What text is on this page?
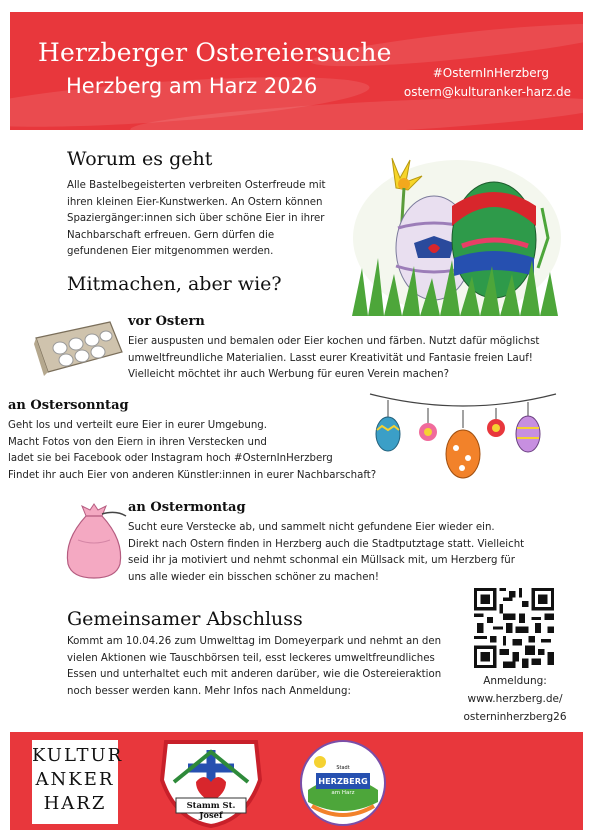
Herzberger Ostereiersuche
Herzberg am Harz 2026
#OsternInHerzberg
ostern@kulturanker-harz.de
Worum es geht
Alle Bastelbegeisterten verbreiten Osterfreude mit
ihren kleinen Eier-Kunstwerken. An Ostern können
Spaziergänger:innen sich über schöne Eier in ihrer
Nachbarschaft erfreuen. Gern dürfen die
gefundenen Eier mitgenommen werden.
Mitmachen, aber wie?
vor Ostern
Eier auspusten und bemalen oder Eier kochen und färben. Nutzt dafür möglichst
umweltfreundliche Materialien. Lasst eurer Kreativität und Fantasie freien Lauf!
Vielleicht möchtet ihr auch Werbung für euren Verein machen?
an Ostersonntag
Geht los und verteilt eure Eier in eurer Umgebung.
Macht Fotos von den Eiern in ihren Verstecken und
ladet sie bei Facebook oder Instagram hoch #OsternInHerzberg
Findet ihr auch Eier von anderen Künstler:innen in eurer Nachbarschaft?
an Ostermontag
Sucht eure Verstecke ab, und sammelt nicht gefundene Eier wieder ein.
Direkt nach Ostern finden in Herzberg auch die Stadtputztage statt. Vielleicht
seid ihr ja motiviert und nehmt schonmal ein Müllsack mit, um Herzberg für
uns alle wieder ein bisschen schöner zu machen!
Gemeinsamer Abschluss
Kommt am 10.04.26 zum Umwelttag im Domeyerpark und nehmt an den
vielen Aktionen wie Tauschbörsen teil, esst leckeres umweltfreundliches
Essen und unterhaltet euch mit anderen darüber, wie die Ostereieraktion
noch besser werden kann. Mehr Infos nach Anmeldung:
Anmeldung:
www.herzberg.de/
osterninherzberg26
KULTUR
ANKER
HARZ	Stamm St. Josef
Stadt
HERZBERG
am Harz
